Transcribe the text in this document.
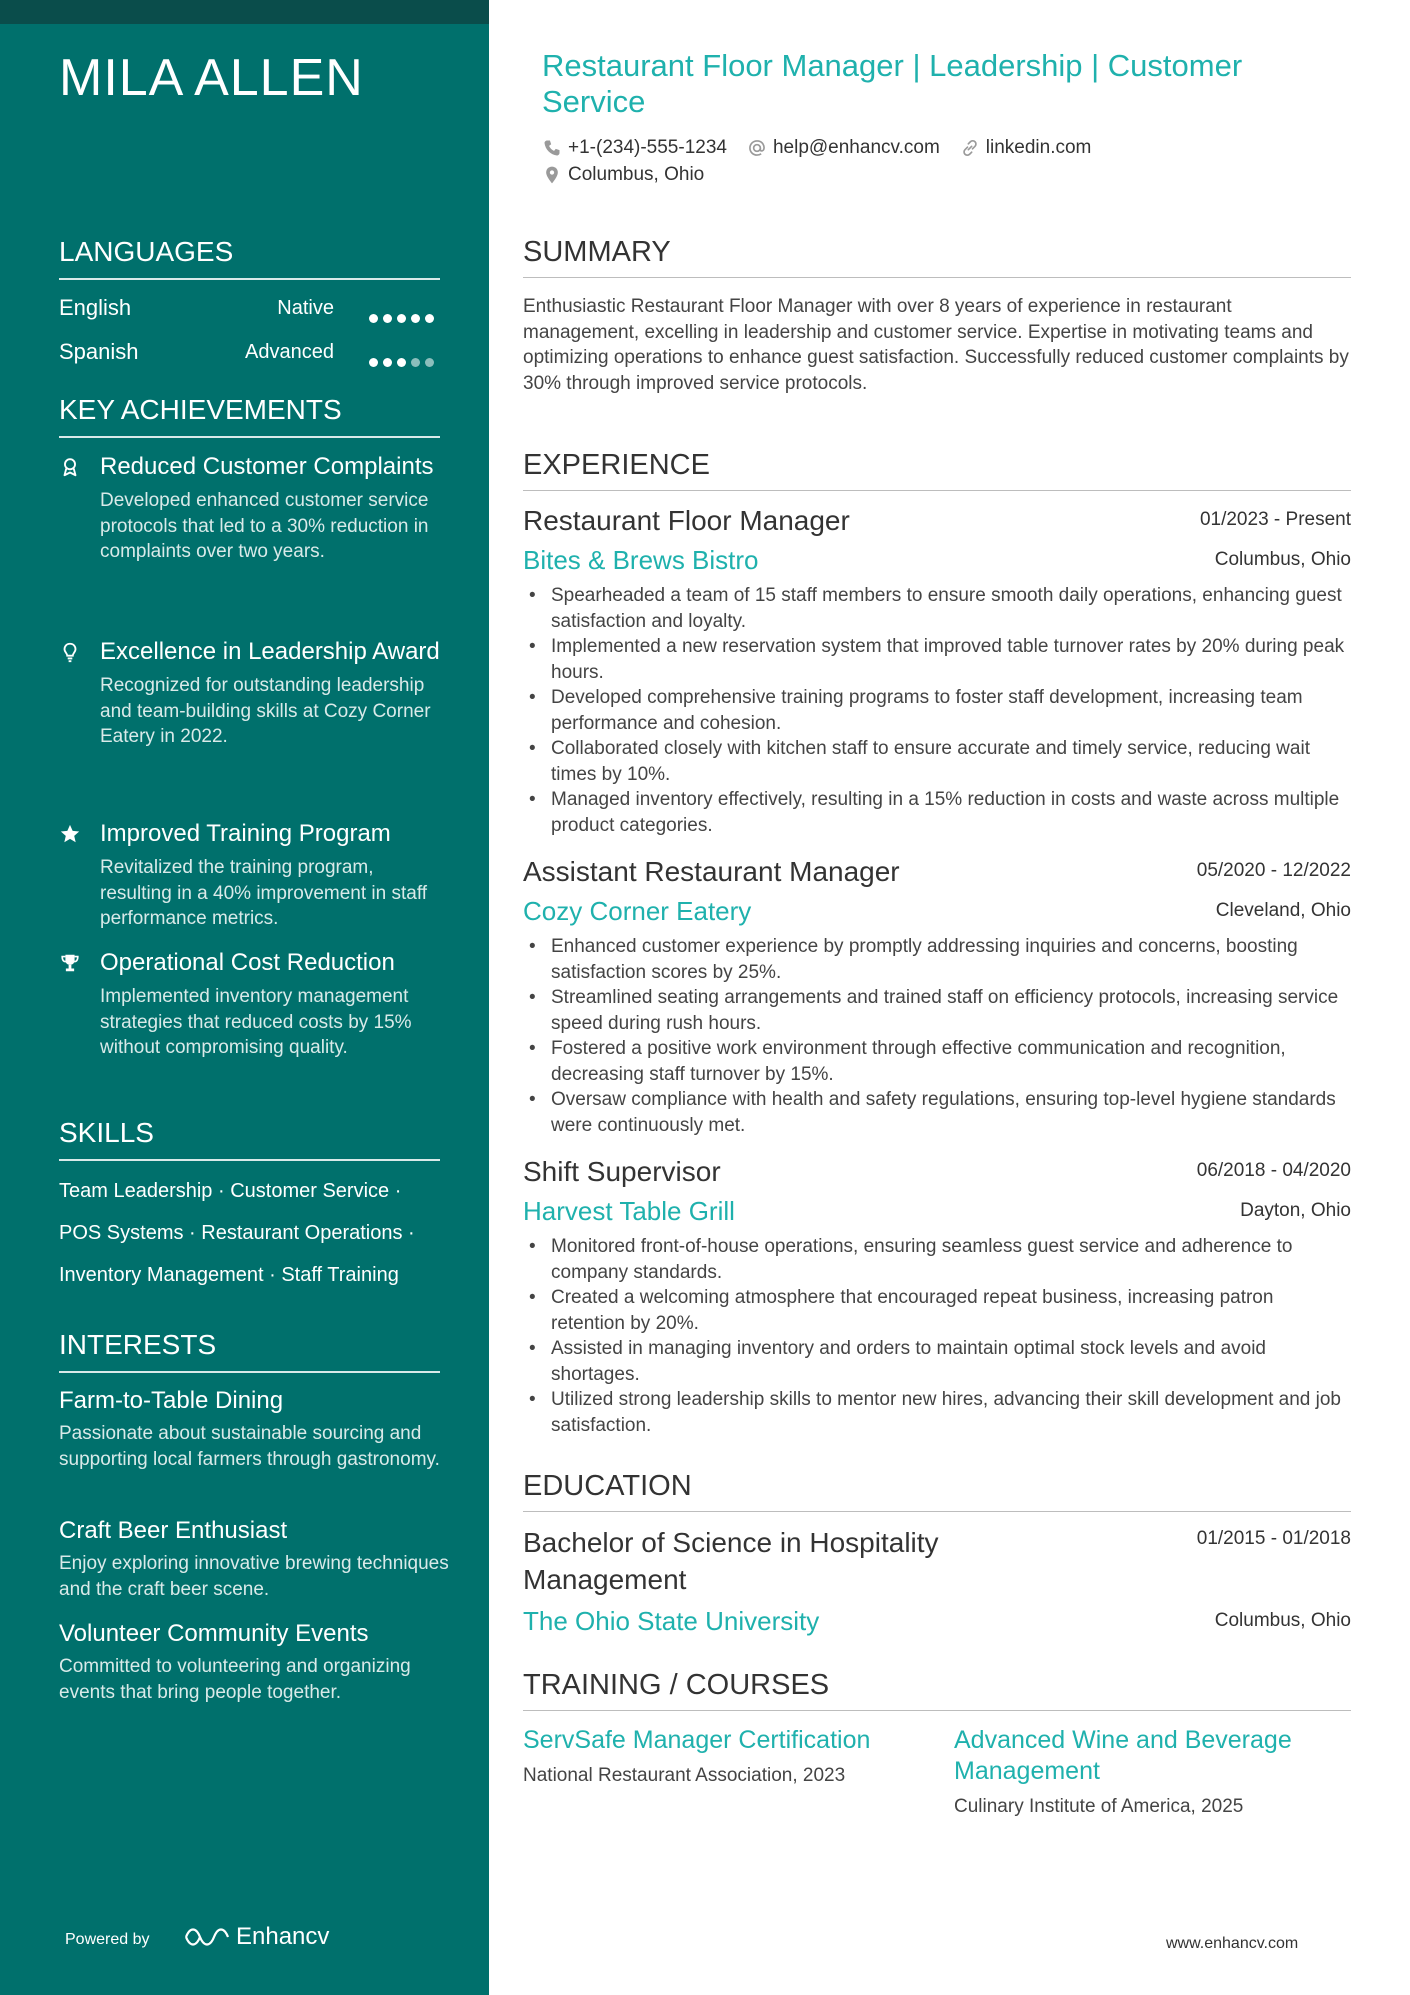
MILA ALLEN
LANGUAGES
English	Native
Spanish	Advanced
KEY ACHIEVEMENTS
Reduced Customer Complaints
Developed enhanced customer service protocols that led to a 30% reduction in complaints over two years.
Excellence in Leadership Award
Recognized for outstanding leadership and team-building skills at Cozy Corner Eatery in 2022.
Improved Training Program
Revitalized the training program, resulting in a 40% improvement in staff performance metrics.
Operational Cost Reduction
Implemented inventory management strategies that reduced costs by 15% without compromising quality.
SKILLS
Team Leadership · Customer Service ·
POS Systems · Restaurant Operations ·
Inventory Management · Staff Training
INTERESTS
Farm-to-Table Dining
Passionate about sustainable sourcing and supporting local farmers through gastronomy.
Craft Beer Enthusiast
Enjoy exploring innovative brewing techniques and the craft beer scene.
Volunteer Community Events
Committed to volunteering and organizing events that bring people together.
Powered by	Enhancv
Restaurant Floor Manager | Leadership | Customer Service
+1-(234)-555-1234 help@enhancv.com linkedin.com
Columbus, Ohio
SUMMARY
Enthusiastic Restaurant Floor Manager with over 8 years of experience in restaurant management, excelling in leadership and customer service. Expertise in motivating teams and optimizing operations to enhance guest satisfaction. Successfully reduced customer complaints by 30% through improved service protocols.
EXPERIENCE
Restaurant Floor Manager	01/2023 - Present
Bites & Brews Bistro	Columbus, Ohio
• Spearheaded a team of 15 staff members to ensure smooth daily operations, enhancing guest satisfaction and loyalty.
• Implemented a new reservation system that improved table turnover rates by 20% during peak hours.
• Developed comprehensive training programs to foster staff development, increasing team performance and cohesion.
• Collaborated closely with kitchen staff to ensure accurate and timely service, reducing wait times by 10%.
• Managed inventory effectively, resulting in a 15% reduction in costs and waste across multiple product categories.
Assistant Restaurant Manager	05/2020 - 12/2022
Cozy Corner Eatery	Cleveland, Ohio
• Enhanced customer experience by promptly addressing inquiries and concerns, boosting satisfaction scores by 25%.
• Streamlined seating arrangements and trained staff on efficiency protocols, increasing service speed during rush hours.
• Fostered a positive work environment through effective communication and recognition, decreasing staff turnover by 15%.
• Oversaw compliance with health and safety regulations, ensuring top-level hygiene standards were continuously met.
Shift Supervisor	06/2018 - 04/2020
Harvest Table Grill	Dayton, Ohio
• Monitored front-of-house operations, ensuring seamless guest service and adherence to company standards.
• Created a welcoming atmosphere that encouraged repeat business, increasing patron retention by 20%.
• Assisted in managing inventory and orders to maintain optimal stock levels and avoid shortages.
• Utilized strong leadership skills to mentor new hires, advancing their skill development and job satisfaction.
EDUCATION
Bachelor of Science in Hospitality Management
01/2015 - 01/2018
The Ohio State University	Columbus, Ohio
TRAINING / COURSES
ServSafe Manager Certification
National Restaurant Association, 2023
Advanced Wine and Beverage Management
Culinary Institute of America, 2025
www.enhancv.com
